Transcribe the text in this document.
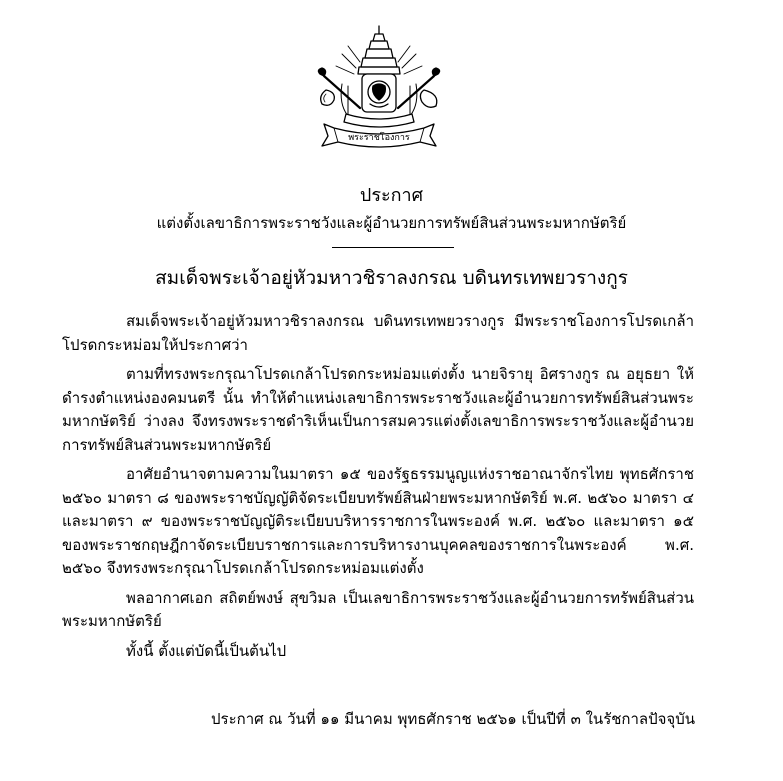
พระราชโองการ
ประกาศ
แต่งตั้งเลขาธิการพระราชวังและผู้อำนวยการทรัพย์สินส่วนพระมหากษัตริย์
สมเด็จพระเจ้าอยู่หัวมหาวชิราลงกรณ บดินทรเทพยวรางกูร

สมเด็จพระเจ้าอยู่หัวมหาวชิราลงกรณ บดินทรเทพยวรางกูร มีพระราชโองการโปรดเกล้า โปรดกระหม่อมให้ประกาศว่า

ตามที่ทรงพระกรุณาโปรดเกล้าโปรดกระหม่อมแต่งตั้ง นายจิรายุ อิศรางกูร ณ อยุธยา ให้ดำรงตำแหน่งองคมนตรี นั้น ทำให้ตำแหน่งเลขาธิการพระราชวังและผู้อำนวยการทรัพย์สินส่วนพระมหากษัตริย์ ว่างลง จึงทรงพระราชดำริเห็นเป็นการสมควรแต่งตั้งเลขาธิการพระราชวังและผู้อำนวยการทรัพย์สินส่วนพระมหากษัตริย์

อาศัยอำนาจตามความในมาตรา ๑๕ ของรัฐธรรมนูญแห่งราชอาณาจักรไทย พุทธศักราช ๒๕๖๐ มาตรา ๘ ของพระราชบัญญัติจัดระเบียบทรัพย์สินฝ่ายพระมหากษัตริย์ พ.ศ. ๒๕๖๐ มาตรา ๔ และมาตรา ๙ ของพระราชบัญญัติระเบียบบริหารราชการในพระองค์ พ.ศ. ๒๕๖๐ และมาตรา ๑๕ ของพระราชกฤษฎีกาจัดระเบียบราชการและการบริหารงานบุคคลของราชการในพระองค์ พ.ศ. ๒๕๖๐ จึงทรงพระกรุณาโปรดเกล้าโปรดกระหม่อมแต่งตั้ง

พลอากาศเอก สถิตย์พงษ์ สุขวิมล เป็นเลขาธิการพระราชวังและผู้อำนวยการทรัพย์สินส่วนพระมหากษัตริย์

ทั้งนี้ ตั้งแต่บัดนี้เป็นต้นไป

ประกาศ ณ วันที่ ๑๑ มีนาคม พุทธศักราช ๒๕๖๑ เป็นปีที่ ๓ ในรัชกาลปัจจุบัน
